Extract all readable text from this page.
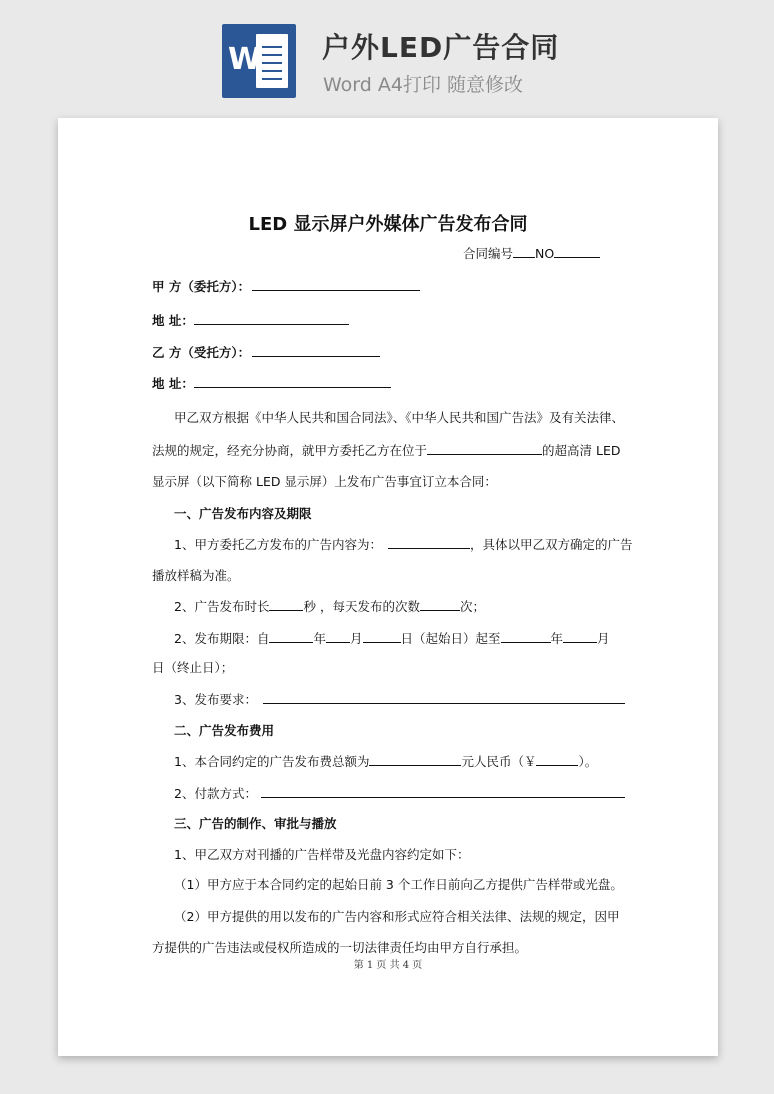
W 户外LED广告合同
Word A4打印 随意修改
LED 显示屏户外媒体广告发布合同
合同编号 NO
甲 方（委托方）：
地 址：
乙 方（受托方）：
地 址：
甲乙双方根据《中华人民共和国合同法》、《中华人民共和国广告法》及有关法律、
法规的规定，经充分协商，就甲方委托乙方在位于	的超高清 LED
显示屏（以下简称 LED 显示屏）上发布广告事宜订立本合同：
一、广告发布内容及期限
1、甲方委托乙方发布的广告内容为：	，具体以甲乙双方确定的广告
播放样稿为准。
2、广告发布时长	秒 ，每天发布的次数	次；
2、发布期限：自	年 月	日（起始日）起至	年	月
日（终止日）；
3、发布要求：
二、广告发布费用
1、本合同约定的广告发布费总额为	元人民币（￥	）。
2、付款方式：
三、广告的制作、审批与播放
1、甲乙双方对刊播的广告样带及光盘内容约定如下：
（1）甲方应于本合同约定的起始日前 3 个工作日前向乙方提供广告样带或光盘。
（2）甲方提供的用以发布的广告内容和形式应符合相关法律、法规的规定，因甲
方提供的广告违法或侵权所造成的一切法律责任均由甲方自行承担。
第 1 页 共 4 页
